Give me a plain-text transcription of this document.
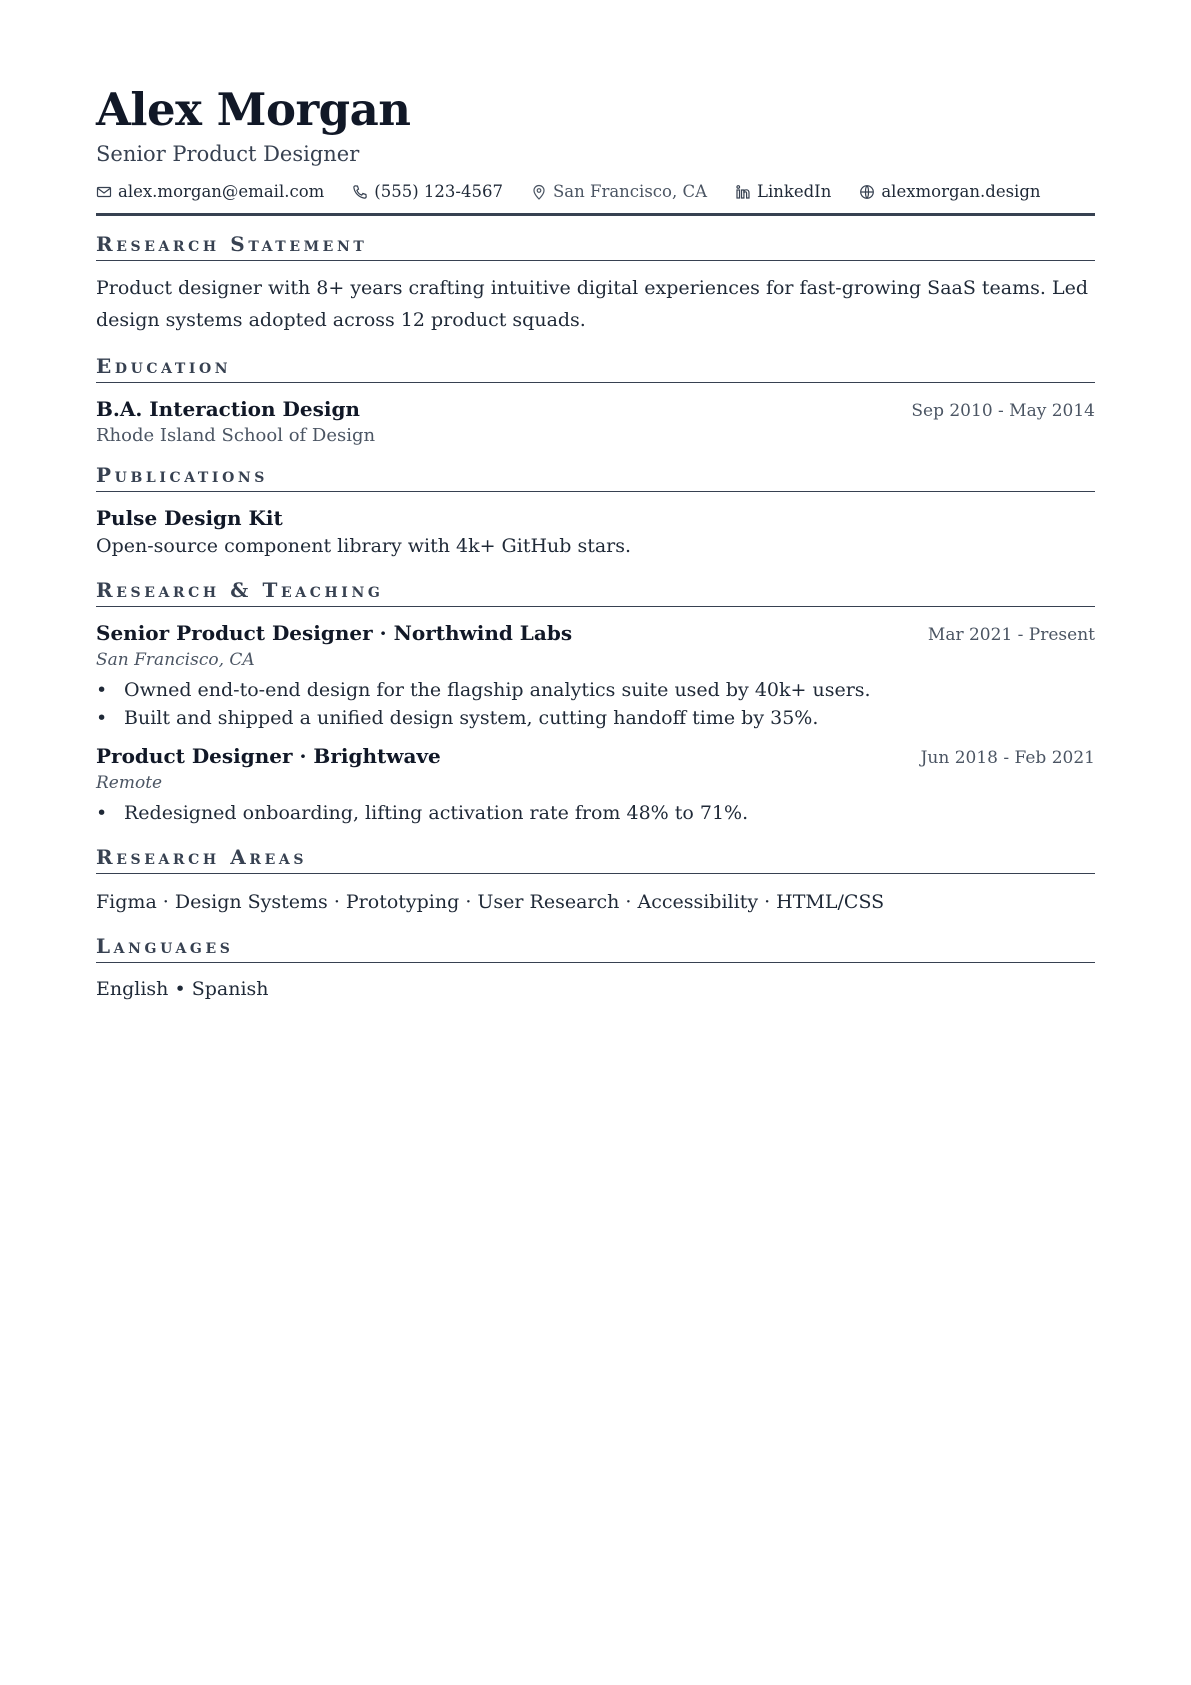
Alex Morgan
Senior Product Designer
alex.morgan@email.com	(555) 123-4567	San Francisco, CA	LinkedIn	alexmorgan.design
Research Statement

Product designer with 8+ years crafting intuitive digital experiences for fast-growing SaaS teams. Led design systems adopted across 12 product squads.

Education
B.A. Interaction Design	Sep 2010 - May 2014
Rhode Island School of Design
Publications
Pulse Design Kit
Open-source component library with 4k+ GitHub stars.
Research & Teaching
Senior Product Designer · Northwind Labs	Mar 2021 - Present
San Francisco, CA
• Owned end-to-end design for the flagship analytics suite used by 40k+ users.
• Built and shipped a unified design system, cutting handoff time by 35%.
Product Designer · Brightwave	Jun 2018 - Feb 2021
Remote
• Redesigned onboarding, lifting activation rate from 48% to 71%.
Research Areas
Figma · Design Systems · Prototyping · User Research · Accessibility · HTML/CSS
Languages
English • Spanish
